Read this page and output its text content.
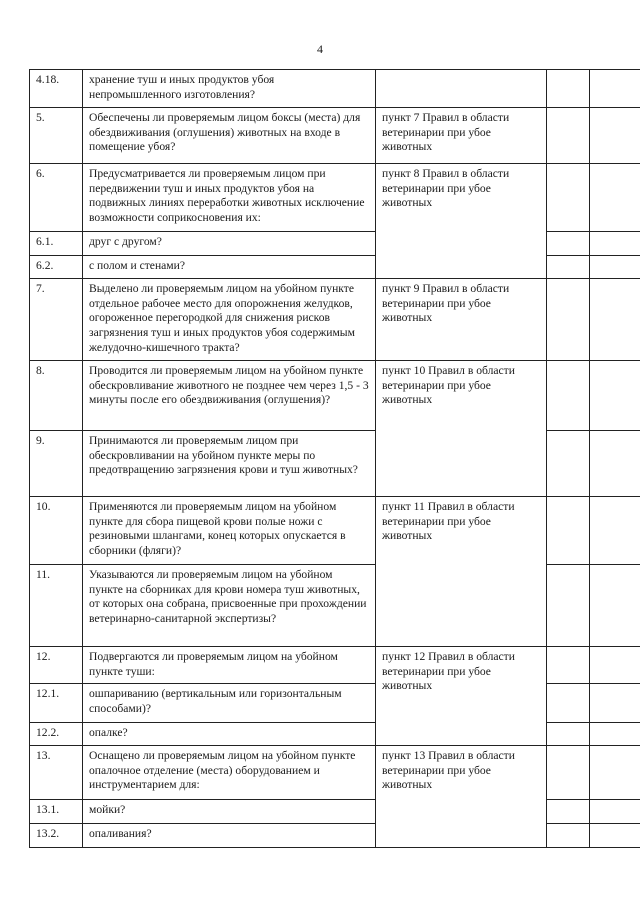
4
4.18.	хранение туш и иных продуктов убоя непромышленного изготовления?			
5.	Обеспечены ли проверяемым лицом боксы (места) для обездвиживания (оглушения) животных на входе в помещение убоя?	пункт 7 Правил в области ветеринарии при убое животных		
6.	Предусматривается ли проверяемым лицом при передвижении туш и иных продуктов убоя на подвижных линиях переработки животных исключение возможности соприкосновения их:	пункт 8 Правил в области ветеринарии при убое животных		
6.1.	друг с другом?			
6.2.	с полом и стенами?			
7.	Выделено ли проверяемым лицом на убойном пункте отдельное рабочее место для опорожнения желудков, огороженное перегородкой для снижения рисков загрязнения туш и иных продуктов убоя содержимым желудочно-кишечного тракта?	пункт 9 Правил в области ветеринарии при убое животных		
8.	Проводится ли проверяемым лицом на убойном пункте обескровливание животного не позднее чем через 1,5 - 3 минуты после его обездвиживания (оглушения)?	пункт 10 Правил в области ветеринарии при убое животных		
9.	Принимаются ли проверяемым лицом при обескровливании на убойном пункте меры по предотвращению загрязнения крови и туш животных?			
10.	Применяются ли проверяемым лицом на убойном пункте для сбора пищевой крови полые ножи с резиновыми шлангами, конец которых опускается в сборники (фляги)?	пункт 11 Правил в области ветеринарии при убое животных		
11.	Указываются ли проверяемым лицом на убойном пункте на сборниках для крови номера туш животных, от которых она собрана, присвоенные при прохождении ветеринарно-санитарной экспертизы?			
12.	Подвергаются ли проверяемым лицом на убойном пункте туши:	пункт 12 Правил в области ветеринарии при убое животных		
12.1.	ошпариванию (вертикальным или горизонтальным способами)?			
12.2.	опалке?			
13.	Оснащено ли проверяемым лицом на убойном пункте опалочное отделение (места) оборудованием и инструментарием для:	пункт 13 Правил в области ветеринарии при убое животных		
13.1.	мойки?			
13.2.	опаливания?			
